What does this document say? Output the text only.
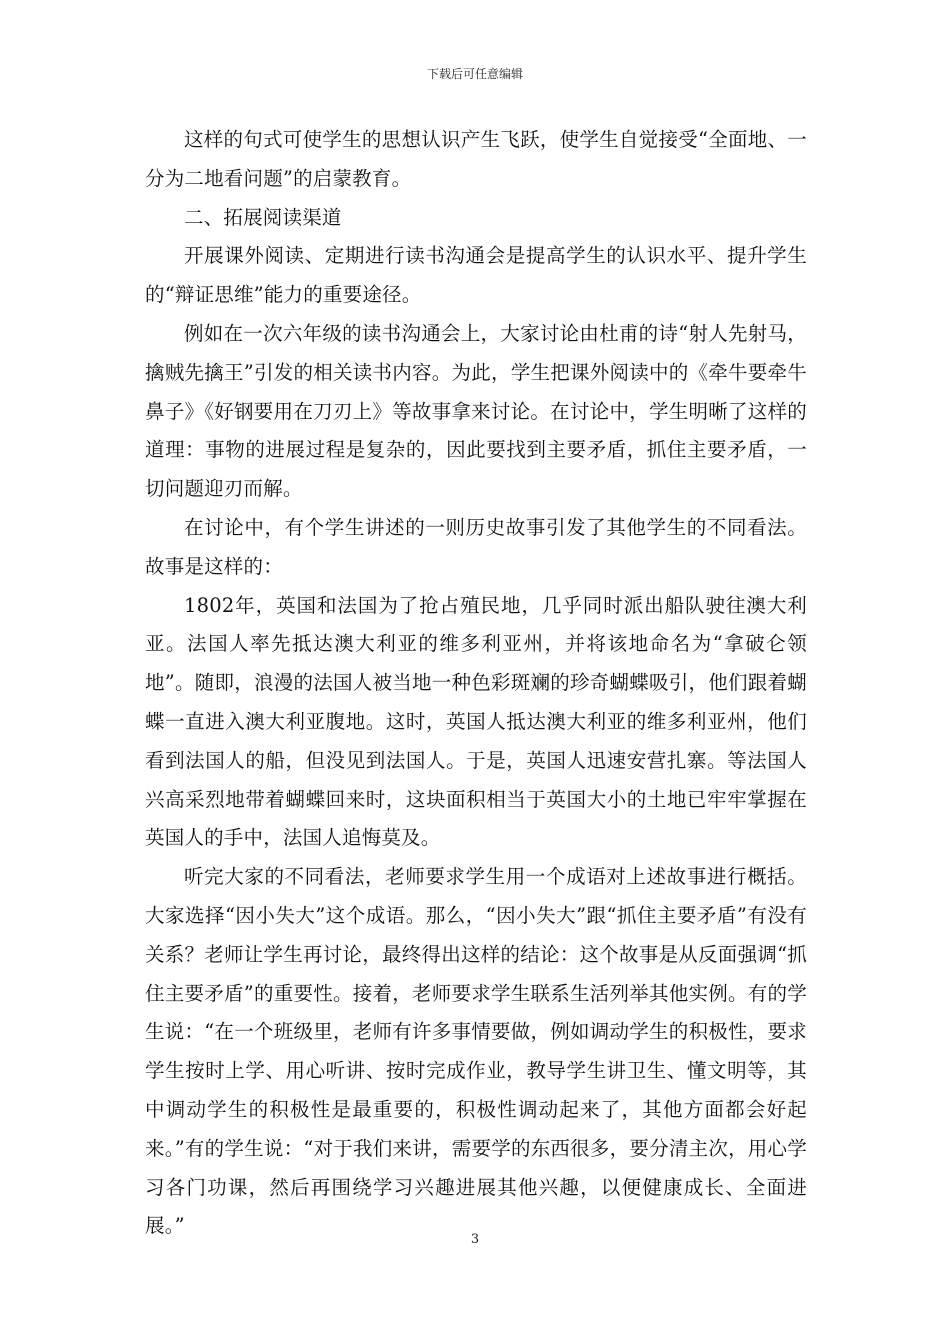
下载后可任意编辑

这样的句式可使学生的思想认识产生飞跃，使学生自觉接受“全面地、一分为二地看问题”的启蒙教育。

二、拓展阅读渠道

开展课外阅读、定期进行读书沟通会是提高学生的认识水平、提升学生的“辩证思维”能力的重要途径。

例如在一次六年级的读书沟通会上，大家讨论由杜甫的诗“射人先射马，擒贼先擒王”引发的相关读书内容。为此，学生把课外阅读中的《牵牛要牵牛鼻子》《好钢要用在刀刃上》等故事拿来讨论。在讨论中，学生明晰了这样的道理：事物的进展过程是复杂的，因此要找到主要矛盾，抓住主要矛盾，一切问题迎刃而解。

在讨论中，有个学生讲述的一则历史故事引发了其他学生的不同看法。故事是这样的：

1802年，英国和法国为了抢占殖民地，几乎同时派出船队驶往澳大利亚。法国人率先抵达澳大利亚的维多利亚州，并将该地命名为“拿破仑领地”。随即，浪漫的法国人被当地一种色彩斑斓的珍奇蝴蝶吸引，他们跟着蝴蝶一直进入澳大利亚腹地。这时，英国人抵达澳大利亚的维多利亚州，他们看到法国人的船，但没见到法国人。于是，英国人迅速安营扎寨。等法国人兴高采烈地带着蝴蝶回来时，这块面积相当于英国大小的土地已牢牢掌握在英国人的手中，法国人追悔莫及。

听完大家的不同看法，老师要求学生用一个成语对上述故事进行概括。大家选择“因小失大”这个成语。那么，“因小失大”跟“抓住主要矛盾”有没有关系？老师让学生再讨论，最终得出这样的结论：这个故事是从反面强调“抓住主要矛盾”的重要性。接着，老师要求学生联系生活列举其他实例。有的学生说：“在一个班级里，老师有许多事情要做，例如调动学生的积极性，要求学生按时上学、用心听讲、按时完成作业，教导学生讲卫生、懂文明等，其中调动学生的积极性是最重要的，积极性调动起来了，其他方面都会好起来。”有的学生说：“对于我们来讲，需要学的东西很多，要分清主次，用心学习各门功课，然后再围绕学习兴趣进展其他兴趣，以便健康成长、全面进展。”

3
